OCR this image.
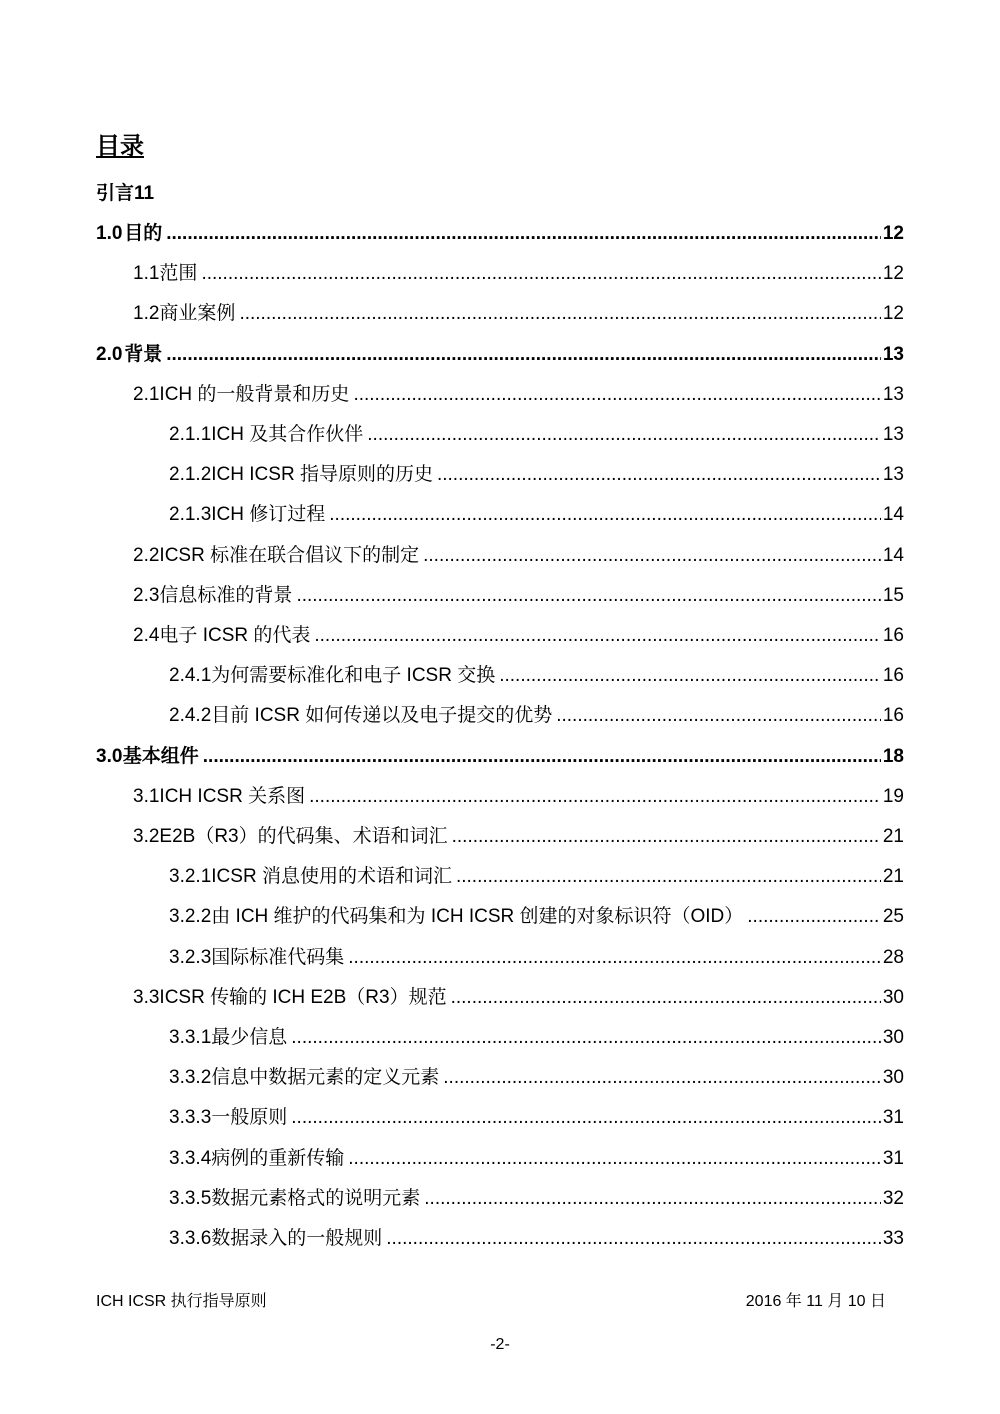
目录
引言11
1.0 目的 .....	12
1.1 范围 .....	12
1.2 商业案例 .....	12
2.0 背景 .....	13
2.1 ICH 的一般背景和历史 .....	13
2.1.1 ICH 及其合作伙伴 .....	13
2.1.2 ICH ICSR 指导原则的历史 .....	13
2.1.3 ICH 修订过程 .....	14
2.2 ICSR 标准在联合倡议下的制定 .....	14
2.3 信息标准的背景 .....	15
2.4 电子 ICSR 的代表 .....	16
2.4.1 为何需要标准化和电子 ICSR 交换 .....	16
2.4.2 目前 ICSR 如何传递以及电子提交的优势 .....	16
3.0 基本组件 .....	18
3.1 ICH ICSR 关系图 .....	19
3.2 E2B（R3）的代码集、术语和词汇 .....	21
3.2.1 ICSR 消息使用的术语和词汇 .....	21
3.2.2 由 ICH 维护的代码集和为 ICH ICSR 创建的对象标识符（OID） .....	25
3.2.3 国际标准代码集 .....	28
3.3 ICSR 传输的 ICH E2B（R3）规范 .....	30
3.3.1 最少信息 .....	30
3.3.2 信息中数据元素的定义元素 .....	30
3.3.3 一般原则 .....	31
3.3.4 病例的重新传输 .....	31
3.3.5 数据元素格式的说明元素 .....	32
3.3.6 数据录入的一般规则 .....	33
ICH ICSR 执行指导原则	2016 年 11 月 10 日
-2-
